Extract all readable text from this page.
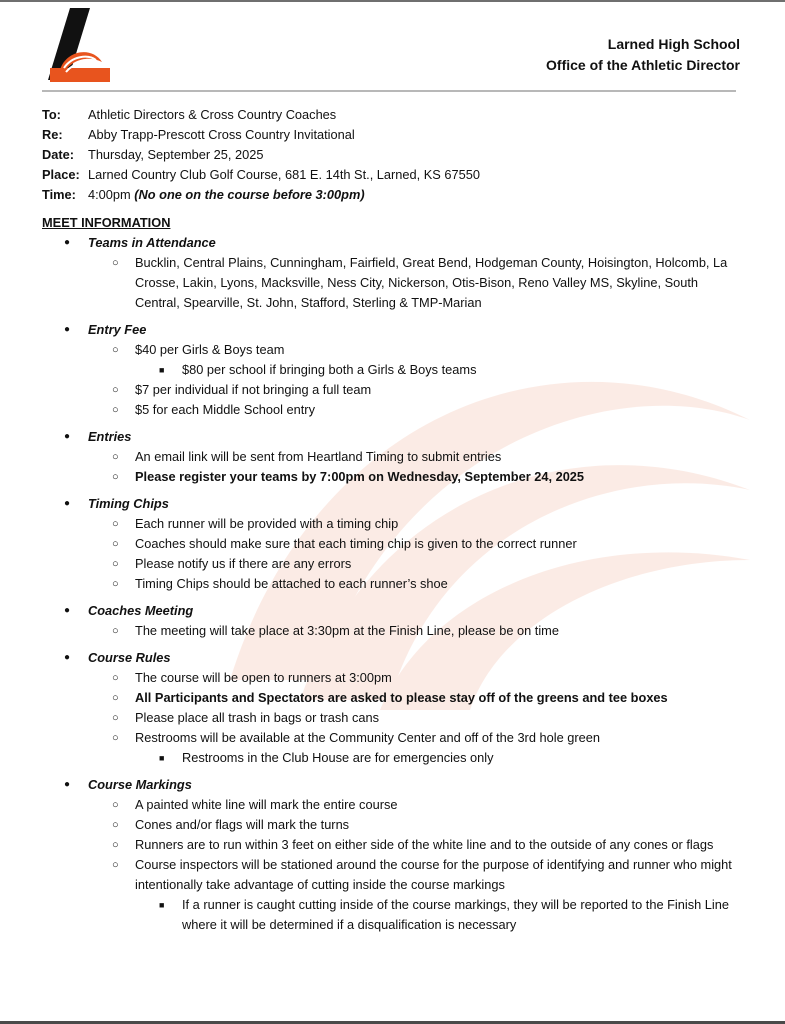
Larned High School
Office of the Athletic Director
To:	Athletic Directors & Cross Country Coaches
Re:	Abby Trapp-Prescott Cross Country Invitational
Date:	Thursday, September 25, 2025
Place: Larned Country Club Golf Course, 681 E. 14th St., Larned, KS 67550
Time: 4:00pm (No one on the course before 3:00pm)
MEET INFORMATION
● Teams in Attendance
○ Bucklin, Central Plains, Cunningham, Fairfield, Great Bend, Hodgeman County, Hoisington, Holcomb, La Crosse, Lakin, Lyons, Macksville, Ness City, Nickerson, Otis-Bison, Reno Valley MS, Skyline, South Central, Spearville, St. John, Stafford, Sterling & TMP-Marian
● Entry Fee
○ $40 per Girls & Boys team
■ $80 per school if bringing both a Girls & Boys teams
○ $7 per individual if not bringing a full team
○ $5 for each Middle School entry
● Entries
○ An email link will be sent from Heartland Timing to submit entries
○ Please register your teams by 7:00pm on Wednesday, September 24, 2025
● Timing Chips
○ Each runner will be provided with a timing chip
○ Coaches should make sure that each timing chip is given to the correct runner
○ Please notify us if there are any errors
○ Timing Chips should be attached to each runner’s shoe
● Coaches Meeting
○ The meeting will take place at 3:30pm at the Finish Line, please be on time
● Course Rules
○ The course will be open to runners at 3:00pm
○ All Participants and Spectators are asked to please stay off of the greens and tee boxes
○ Please place all trash in bags or trash cans
○ Restrooms will be available at the Community Center and off of the 3rd hole green
■ Restrooms in the Club House are for emergencies only
● Course Markings
○ A painted white line will mark the entire course
○ Cones and/or flags will mark the turns
○ Runners are to run within 3 feet on either side of the white line and to the outside of any cones or flags
○ Course inspectors will be stationed around the course for the purpose of identifying and runner who might intentionally take advantage of cutting inside the course markings
■ If a runner is caught cutting inside of the course markings, they will be reported to the Finish Line where it will be determined if a disqualification is necessary
